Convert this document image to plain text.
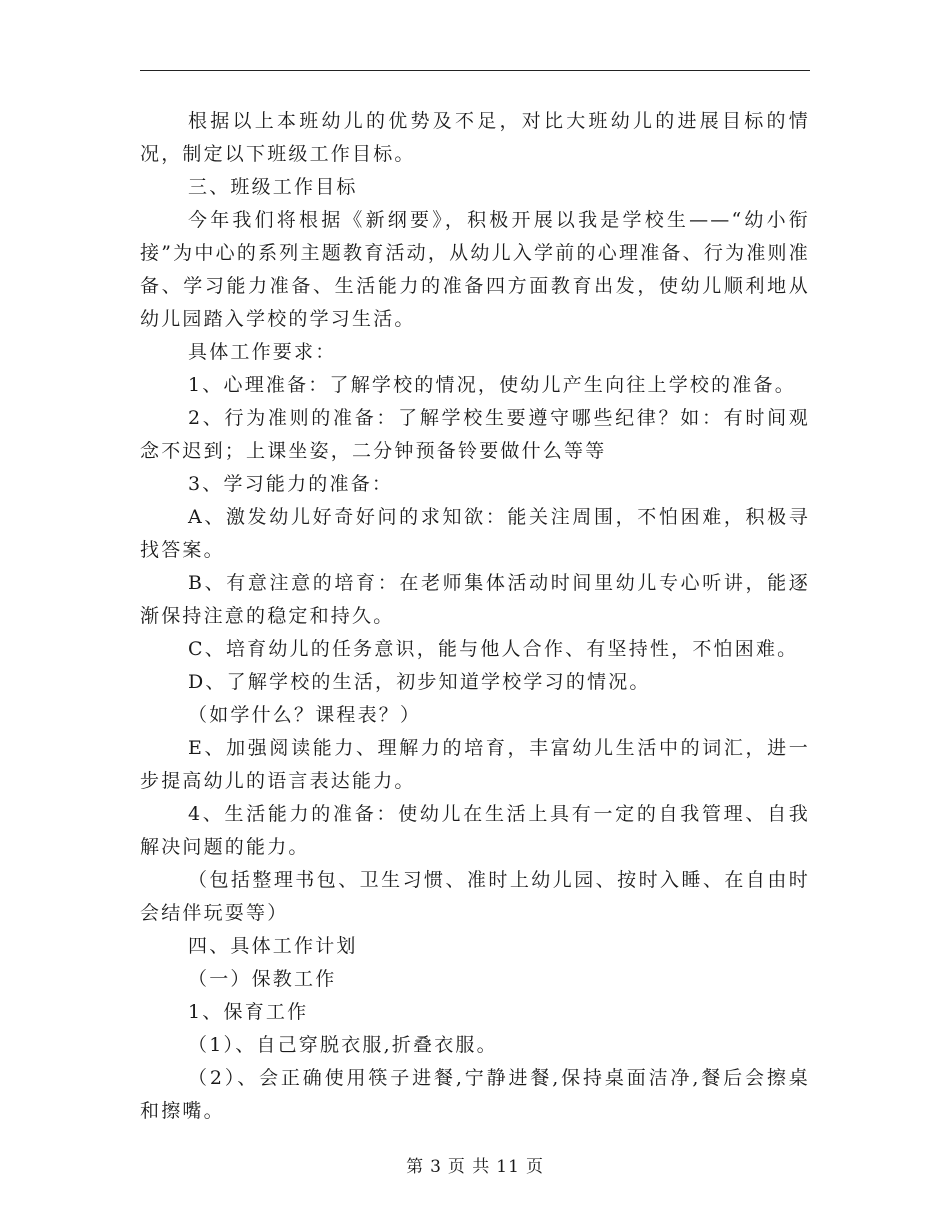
根据以上本班幼儿的优势及不足，对比大班幼儿的进展目标的情况，制定以下班级工作目标。

三、班级工作目标

今年我们将根据《新纲要》，积极开展以我是学校生——“幼小衔接”为中心的系列主题教育活动，从幼儿入学前的心理准备、行为准则准备、学习能力准备、生活能力的准备四方面教育出发，使幼儿顺利地从幼儿园踏入学校的学习生活。

具体工作要求：

1、心理准备：了解学校的情况，使幼儿产生向往上学校的准备。

2、行为准则的准备：了解学校生要遵守哪些纪律？如：有时间观念不迟到；上课坐姿，二分钟预备铃要做什么等等

3、学习能力的准备：

A、激发幼儿好奇好问的求知欲：能关注周围，不怕困难，积极寻找答案。

B、有意注意的培育：在老师集体活动时间里幼儿专心听讲，能逐渐保持注意的稳定和持久。

C、培育幼儿的任务意识，能与他人合作、有坚持性，不怕困难。

D、了解学校的生活，初步知道学校学习的情况。

（如学什么？课程表？）

E、加强阅读能力、理解力的培育，丰富幼儿生活中的词汇，进一步提高幼儿的语言表达能力。

4、生活能力的准备：使幼儿在生活上具有一定的自我管理、自我解决问题的能力。

（包括整理书包、卫生习惯、准时上幼儿园、按时入睡、在自由时会结伴玩耍等）

四、具体工作计划

（一）保教工作

1、保育工作

（1）、自己穿脱衣服,折叠衣服。

（2）、会正确使用筷子进餐,宁静进餐,保持桌面洁净,餐后会擦桌和擦嘴。

第 3 页 共 11 页
